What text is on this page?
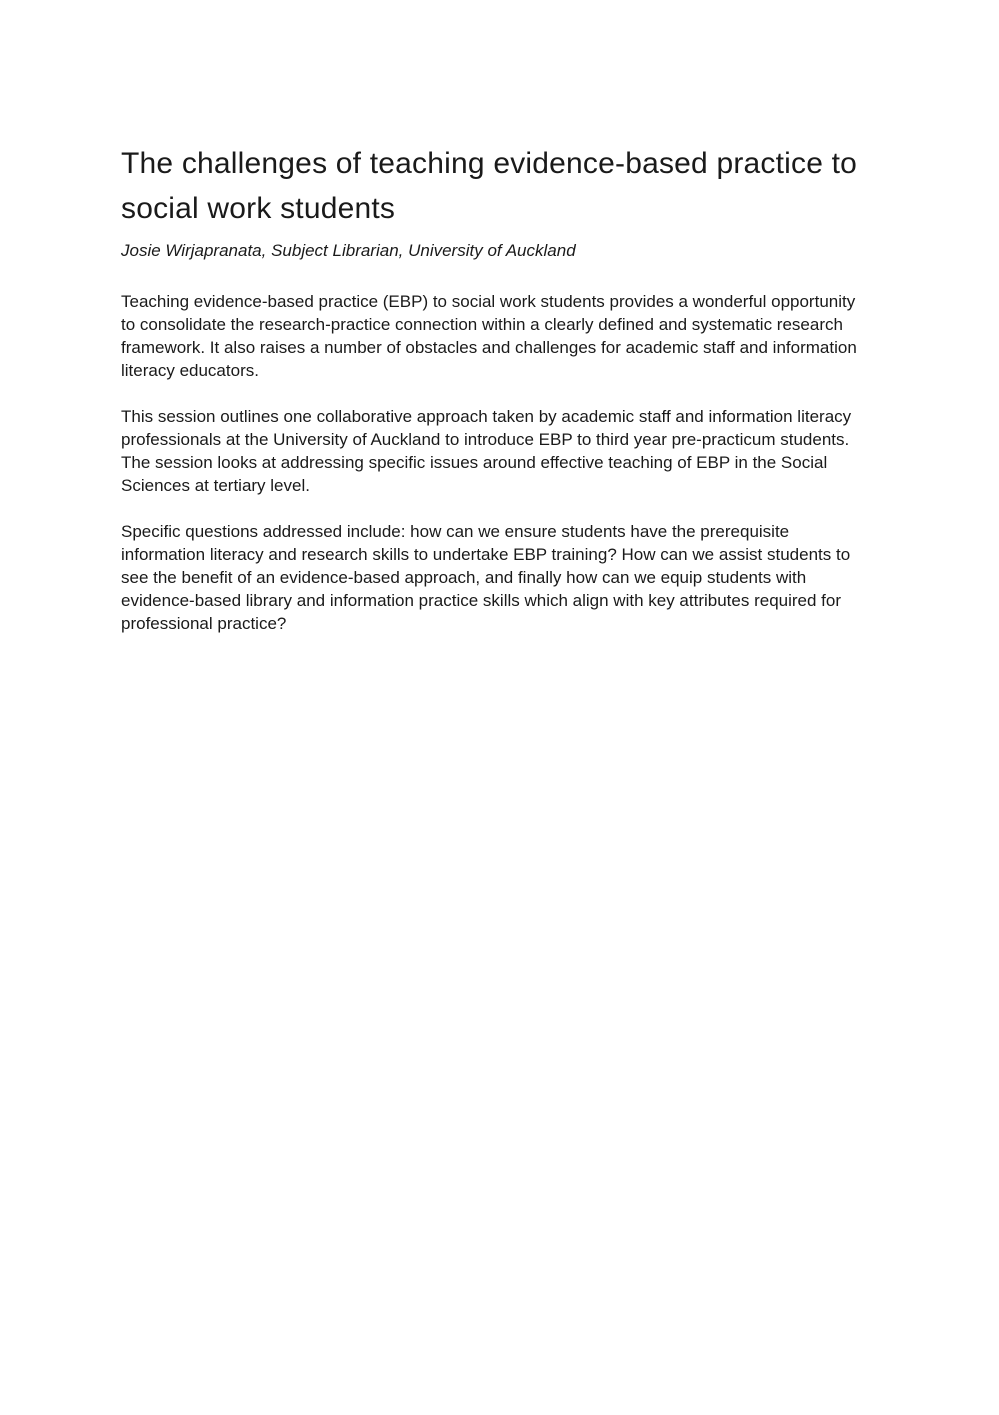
The challenges of teaching evidence-based practice to social work students

Josie Wirjapranata, Subject Librarian, University of Auckland

Teaching evidence-based practice (EBP) to social work students provides a wonderful opportunity to consolidate the research-practice connection within a clearly defined and systematic research framework. It also raises a number of obstacles and challenges for academic staff and information literacy educators.

This session outlines one collaborative approach taken by academic staff and information literacy professionals at the University of Auckland to introduce EBP to third year pre-practicum students. The session looks at addressing specific issues around effective teaching of EBP in the Social Sciences at tertiary level.

Specific questions addressed include: how can we ensure students have the prerequisite information literacy and research skills to undertake EBP training? How can we assist students to see the benefit of an evidence-based approach, and finally how can we equip students with evidence-based library and information practice skills which align with key attributes required for professional practice?
